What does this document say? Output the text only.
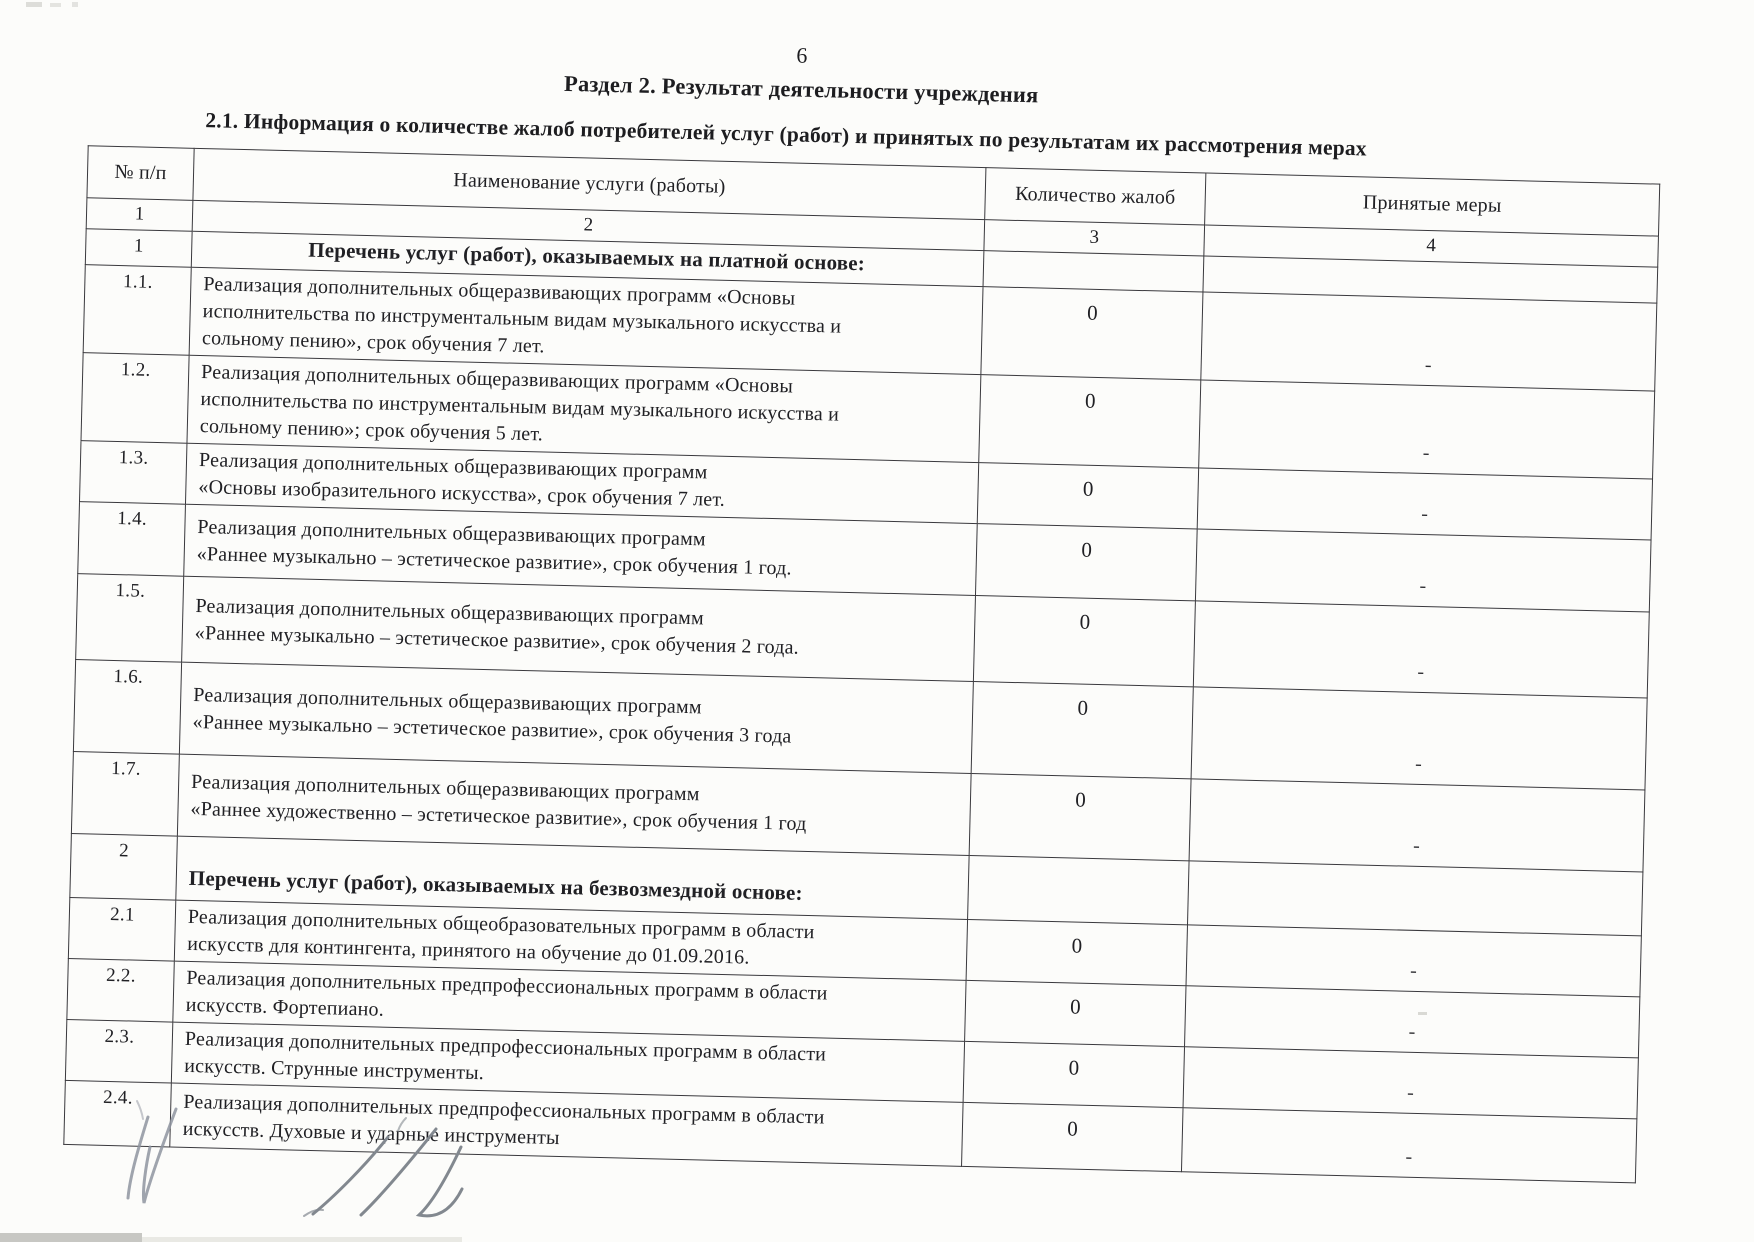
6
Раздел 2. Результат деятельности учреждения
2.1. Информация о количестве жалоб потребителей услуг (работ) и принятых по результатам их рассмотрения мерах
№ п/п	Наименование услуги (работы)	Количество жалоб	Принятые меры
1	2	3	4
1	Перечень услуг (работ), оказываемых на платной основе:		
1.1.	Реализация дополнительных общеразвивающих программ «Основы
исполнительства по инструментальным видам музыкального искусства и
сольному пению», срок обучения 7 лет.	0	-
1.2.	Реализация дополнительных общеразвивающих программ «Основы
исполнительства по инструментальным видам музыкального искусства и
сольному пению»; срок обучения 5 лет.	0	-
1.3.	Реализация дополнительных общеразвивающих программ
«Основы изобразительного искусства», срок обучения 7 лет.	0	-
1.4.	Реализация дополнительных общеразвивающих программ
«Раннее музыкально – эстетическое развитие», срок обучения 1 год.	0	-
1.5.	Реализация дополнительных общеразвивающих программ
«Раннее музыкально – эстетическое развитие», срок обучения 2 года.	0	-
1.6.	Реализация дополнительных общеразвивающих программ
«Раннее музыкально – эстетическое развитие», срок обучения 3 года	0	-
1.7.	Реализация дополнительных общеразвивающих программ
«Раннее художественно – эстетическое развитие», срок обучения 1 год	0	-
2	Перечень услуг (работ), оказываемых на безвозмездной основе:		
2.1	Реализация дополнительных общеобразовательных программ в области
искусств для контингента, принятого на обучение до 01.09.2016.	0	-
2.2.	Реализация дополнительных предпрофессиональных программ в области
искусств. Фортепиано.	0	-
2.3.	Реализация дополнительных предпрофессиональных программ в области
искусств. Струнные инструменты.	0	-
2.4.	Реализация дополнительных предпрофессиональных программ в области
искусств. Духовые и ударные инструменты	0	-
